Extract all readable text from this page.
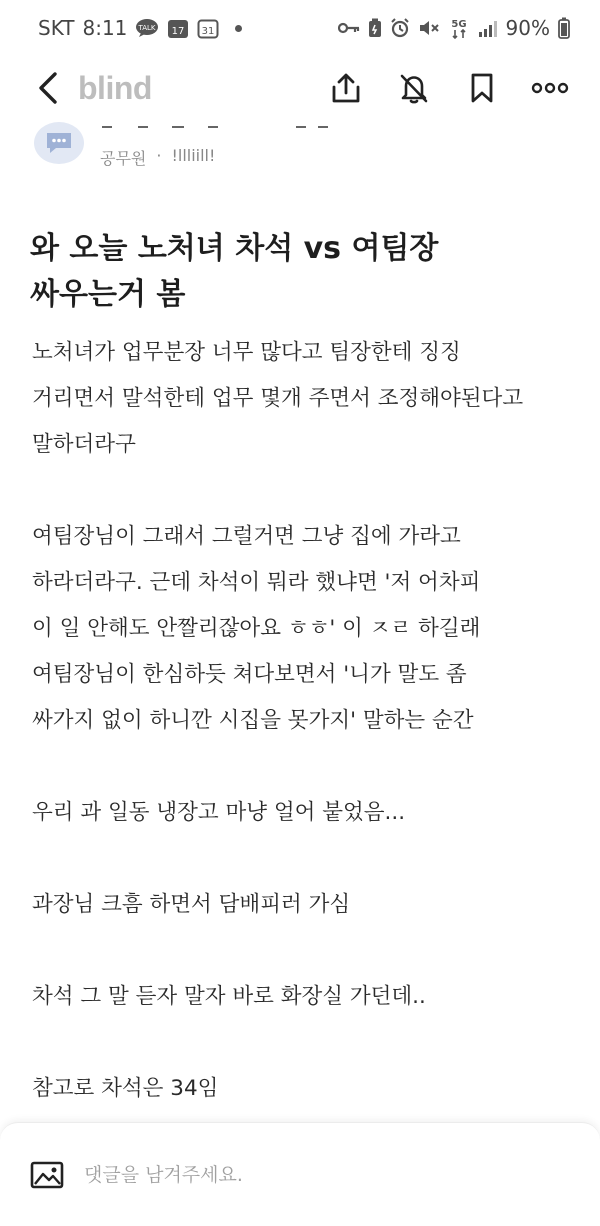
SKT 8:11 TALK 17 31
5G 90%
blind
공무원 · !llliill!
와 오늘 노처녀 차석 vs 여팀장
싸우는거 봄

노처녀가 업무분장 너무 많다고 팀장한테 징징
거리면서 말석한테 업무 몇개 주면서 조정해야된다고
말하더라구

여팀장님이 그래서 그럴거면 그냥 집에 가라고
하라더라구. 근데 차석이 뭐라 했냐면 '저 어차피
이 일 안해도 안짤리잖아요 ㅎㅎ' 이 ㅈㄹ 하길래
여팀장님이 한심하듯 쳐다보면서 '니가 말도 좀
싸가지 없이 하니깐 시집을 못가지' 말하는 순간

우리 과 일동 냉장고 마냥 얼어 붙었음...

과장님 크흠 하면서 담배피러 가심

차석 그 말 듣자 말자 바로 화장실 가던데..

참고로 차석은 34임

댓글을 남겨주세요.
